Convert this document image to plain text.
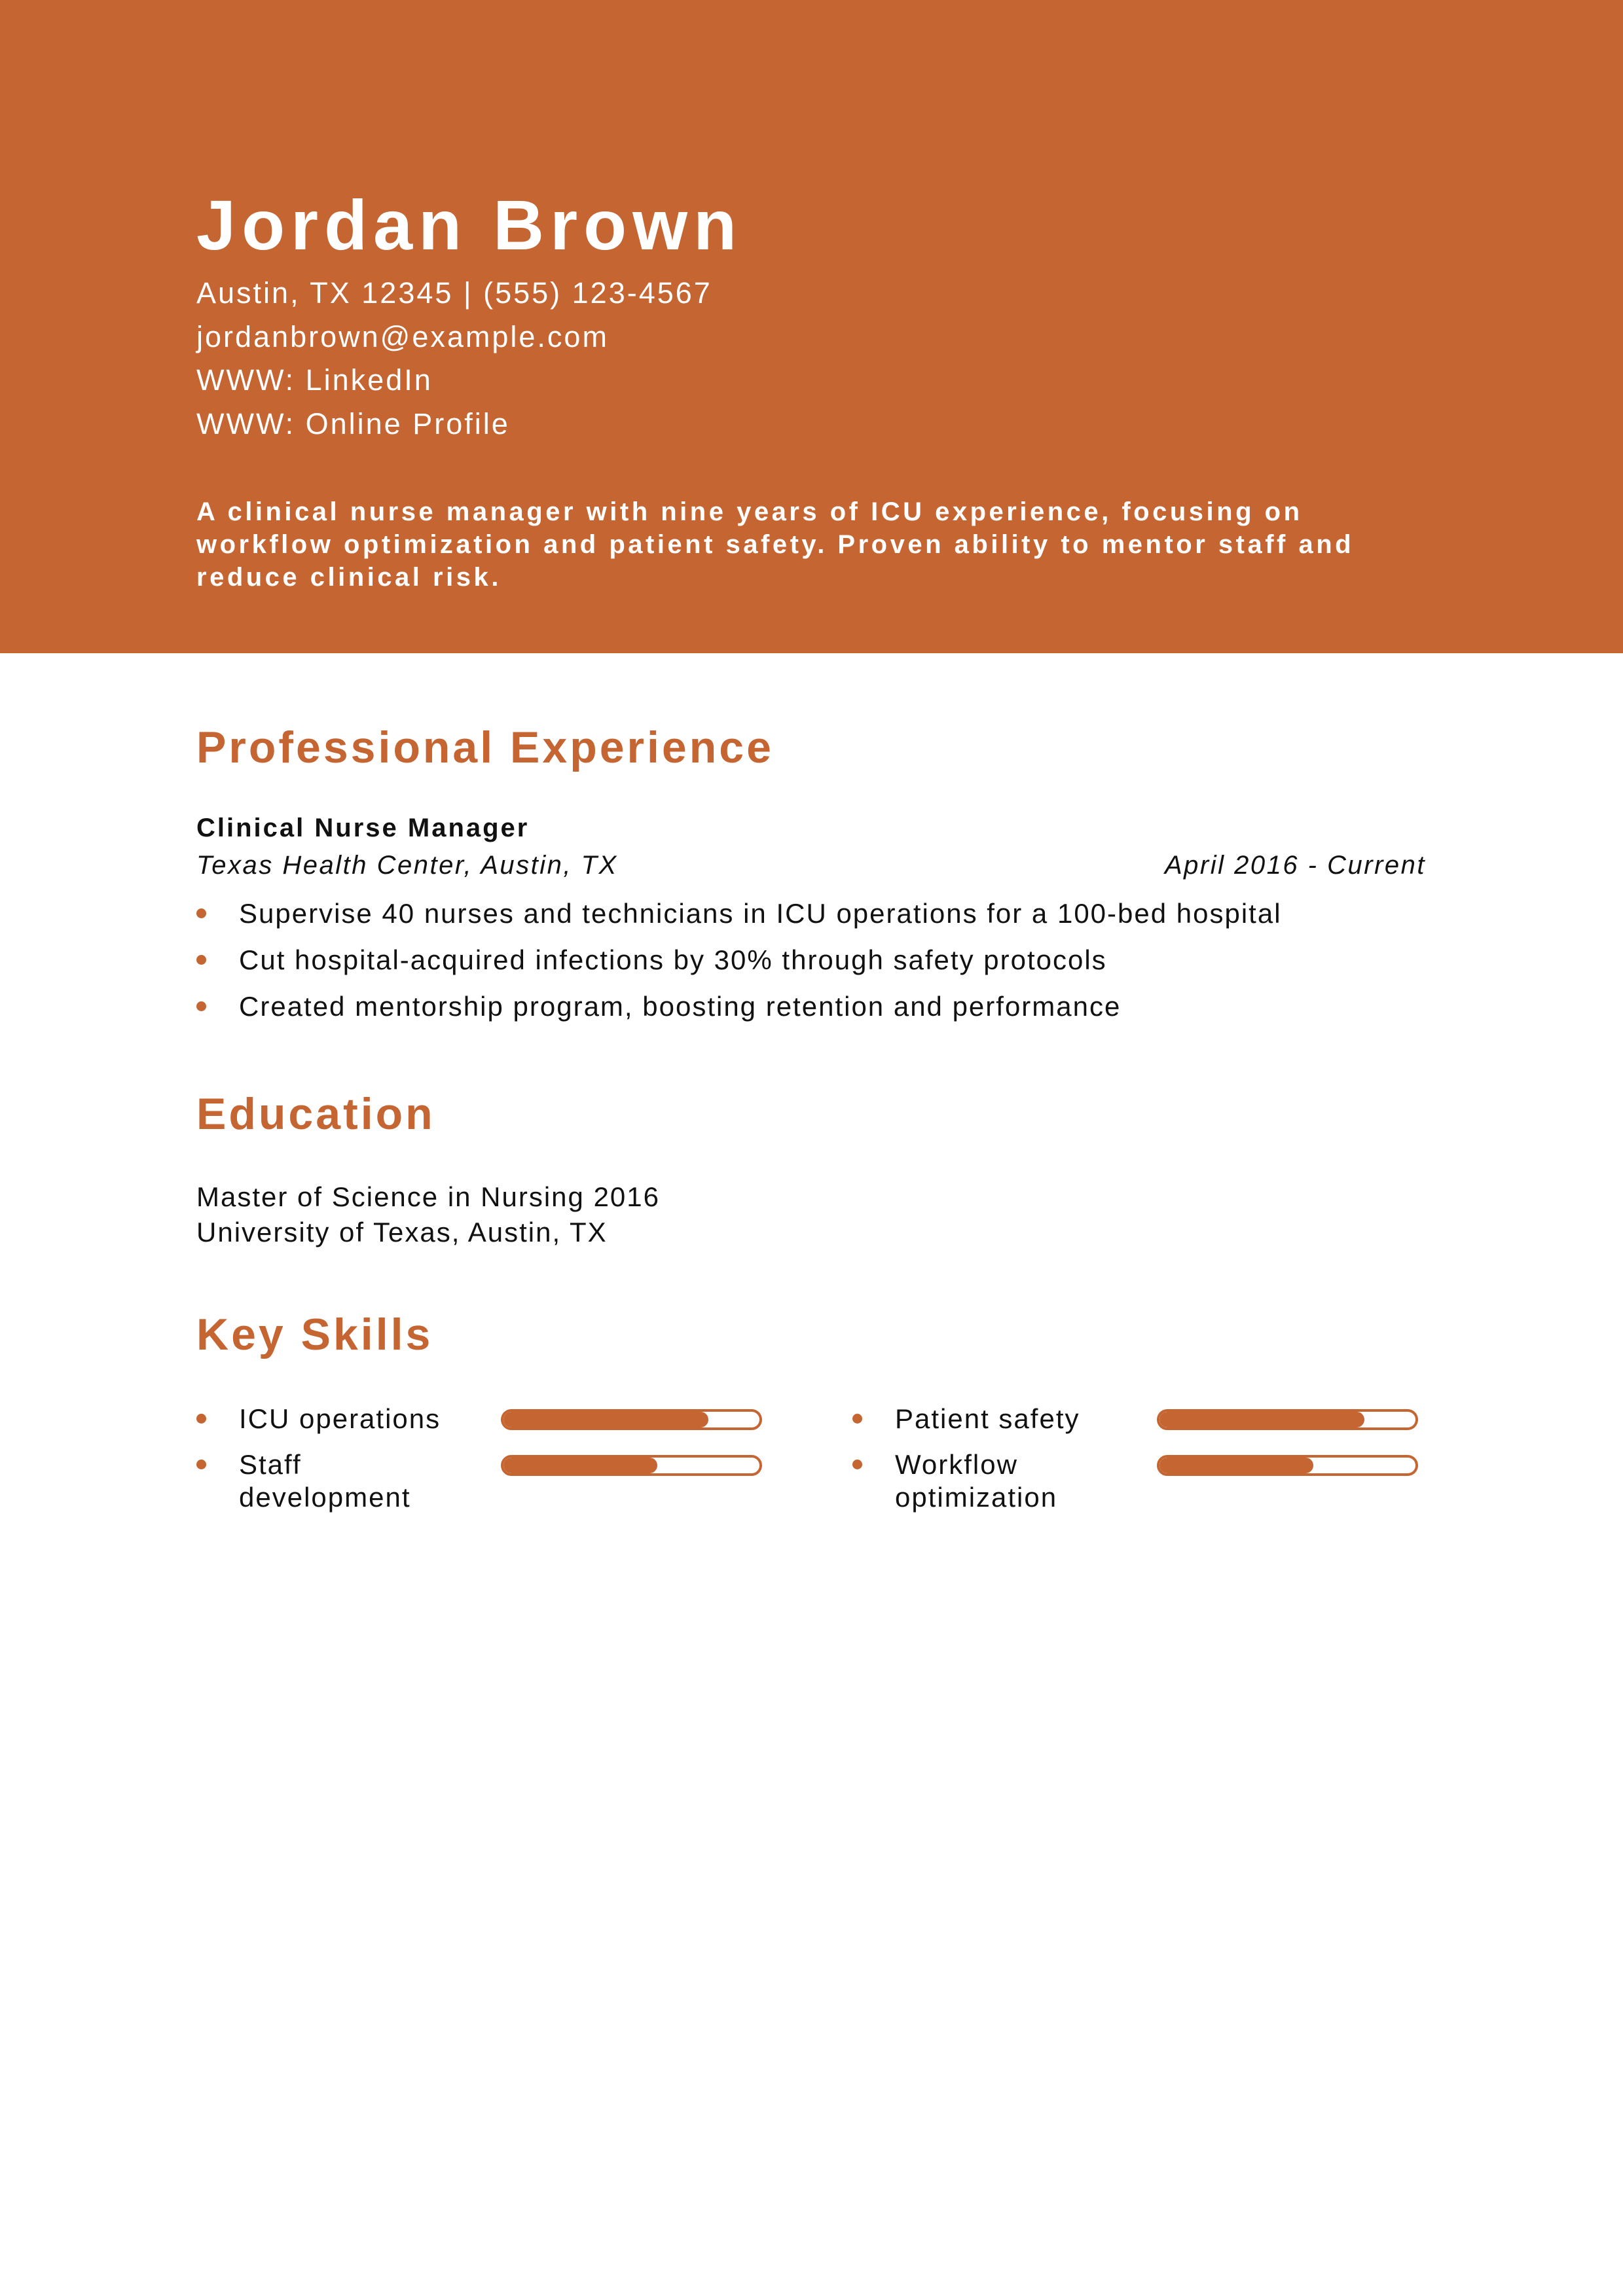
Jordan Brown
Austin, TX 12345 | (555) 123-4567
jordanbrown@example.com
WWW: LinkedIn
WWW: Online Profile
A clinical nurse manager with nine years of ICU experience, focusing on workflow optimization and patient safety. Proven ability to mentor staff and reduce clinical risk.
Professional Experience
Clinical Nurse Manager
Texas Health Center, Austin, TX	April 2016 - Current
Supervise 40 nurses and technicians in ICU operations for a 100-bed hospital
Cut hospital-acquired infections by 30% through safety protocols
Created mentorship program, boosting retention and performance
Education
Master of Science in Nursing 2016
University of Texas, Austin, TX
Key Skills
ICU operations	Patient safety
Staff development
Workflow optimization
